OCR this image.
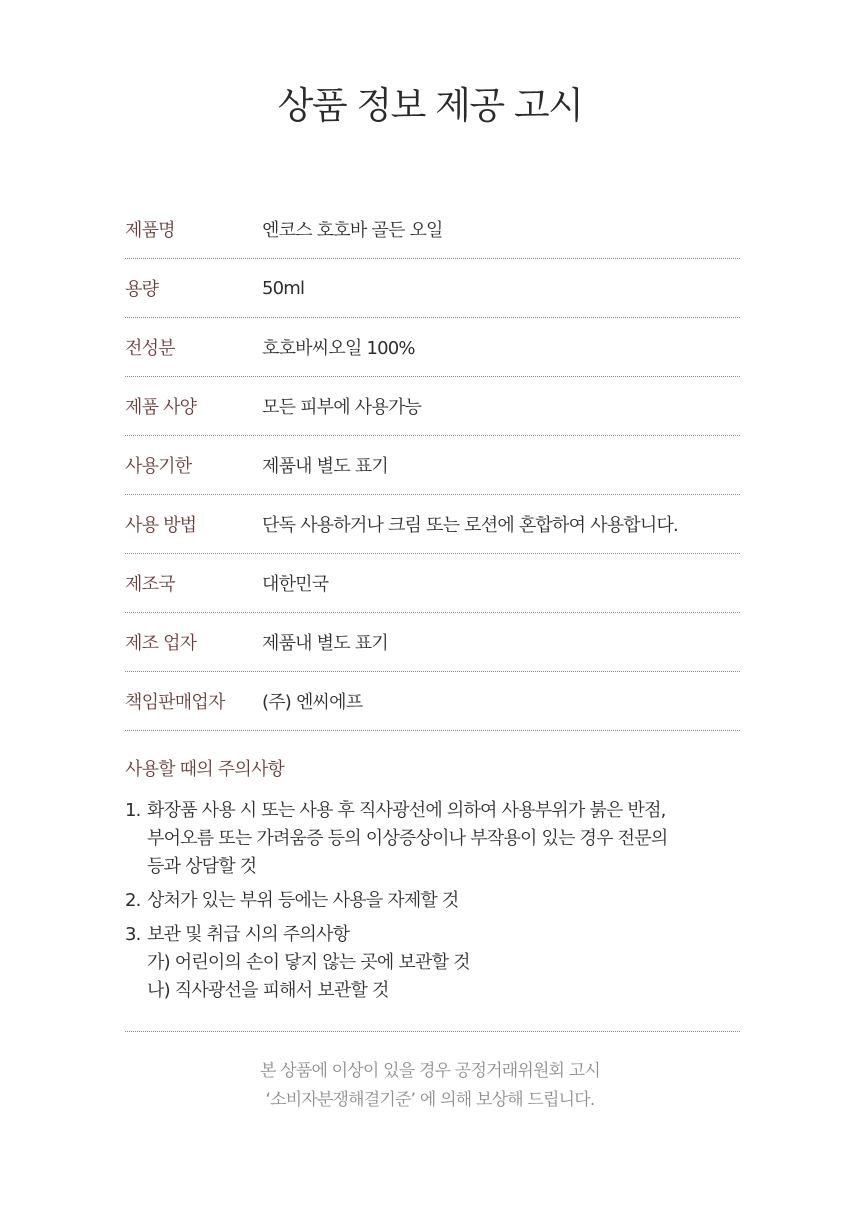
상품 정보 제공 고시
제품명	엔코스 호호바 골든 오일
용량	50ml
전성분	호호바씨오일 100%
제품 사양	모든 피부에 사용가능
사용기한	제품내 별도 표기
사용 방법	단독 사용하거나 크림 또는 로션에 혼합하여 사용합니다.
제조국	대한민국
제조 업자	제품내 별도 표기
책임판매업자	(주) 엔씨에프
사용할 때의 주의사항
1. 화장품 사용 시 또는 사용 후 직사광선에 의하여 사용부위가 붉은 반점,
부어오름 또는 가려움증 등의 이상증상이나 부작용이 있는 경우 전문의
등과 상담할 것
2. 상처가 있는 부위 등에는 사용을 자제할 것
3. 보관 및 취급 시의 주의사항
가) 어린이의 손이 닿지 않는 곳에 보관할 것
나) 직사광선을 피해서 보관할 것
본 상품에 이상이 있을 경우 공정거래위원회 고시
‘소비자분쟁해결기준’ 에 의해 보상해 드립니다.
